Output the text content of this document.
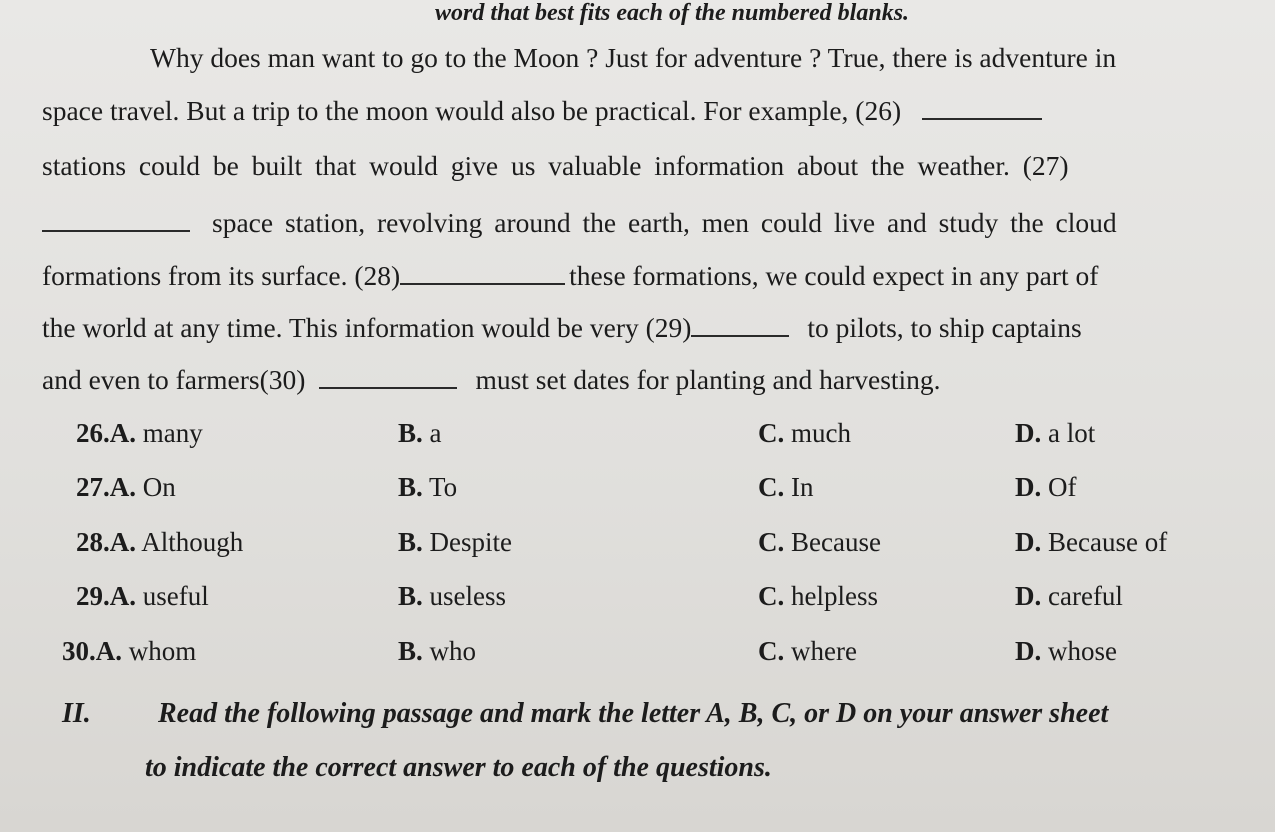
word that best fits each of the numbered blanks.
Why does man want to go to the Moon ? Just for adventure ? True, there is adventure in
space travel. But a trip to the moon would also be practical. For example, (26)
stations could be built that would give us valuable information about the weather. (27)
space station, revolving around the earth, men could live and study the cloud
formations from its surface. (28)	these formations, we could expect in any part of
the world at any time. This information would be very (29)	to pilots, to ship captains
and even to farmers(30)	must set dates for planting and harvesting.
26.A. many	B. a	C. much	D. a lot
27.A. On	B. To	C. In	D. Of
28.A. Although	B. Despite	C. Because	D. Because of
29.A. useful	B. useless	C. helpless	D. careful
30.A. whom	B. who	C. where	D. whose
II. Read the following passage and mark the letter A, B, C, or D on your answer sheet
to indicate the correct answer to each of the questions.
